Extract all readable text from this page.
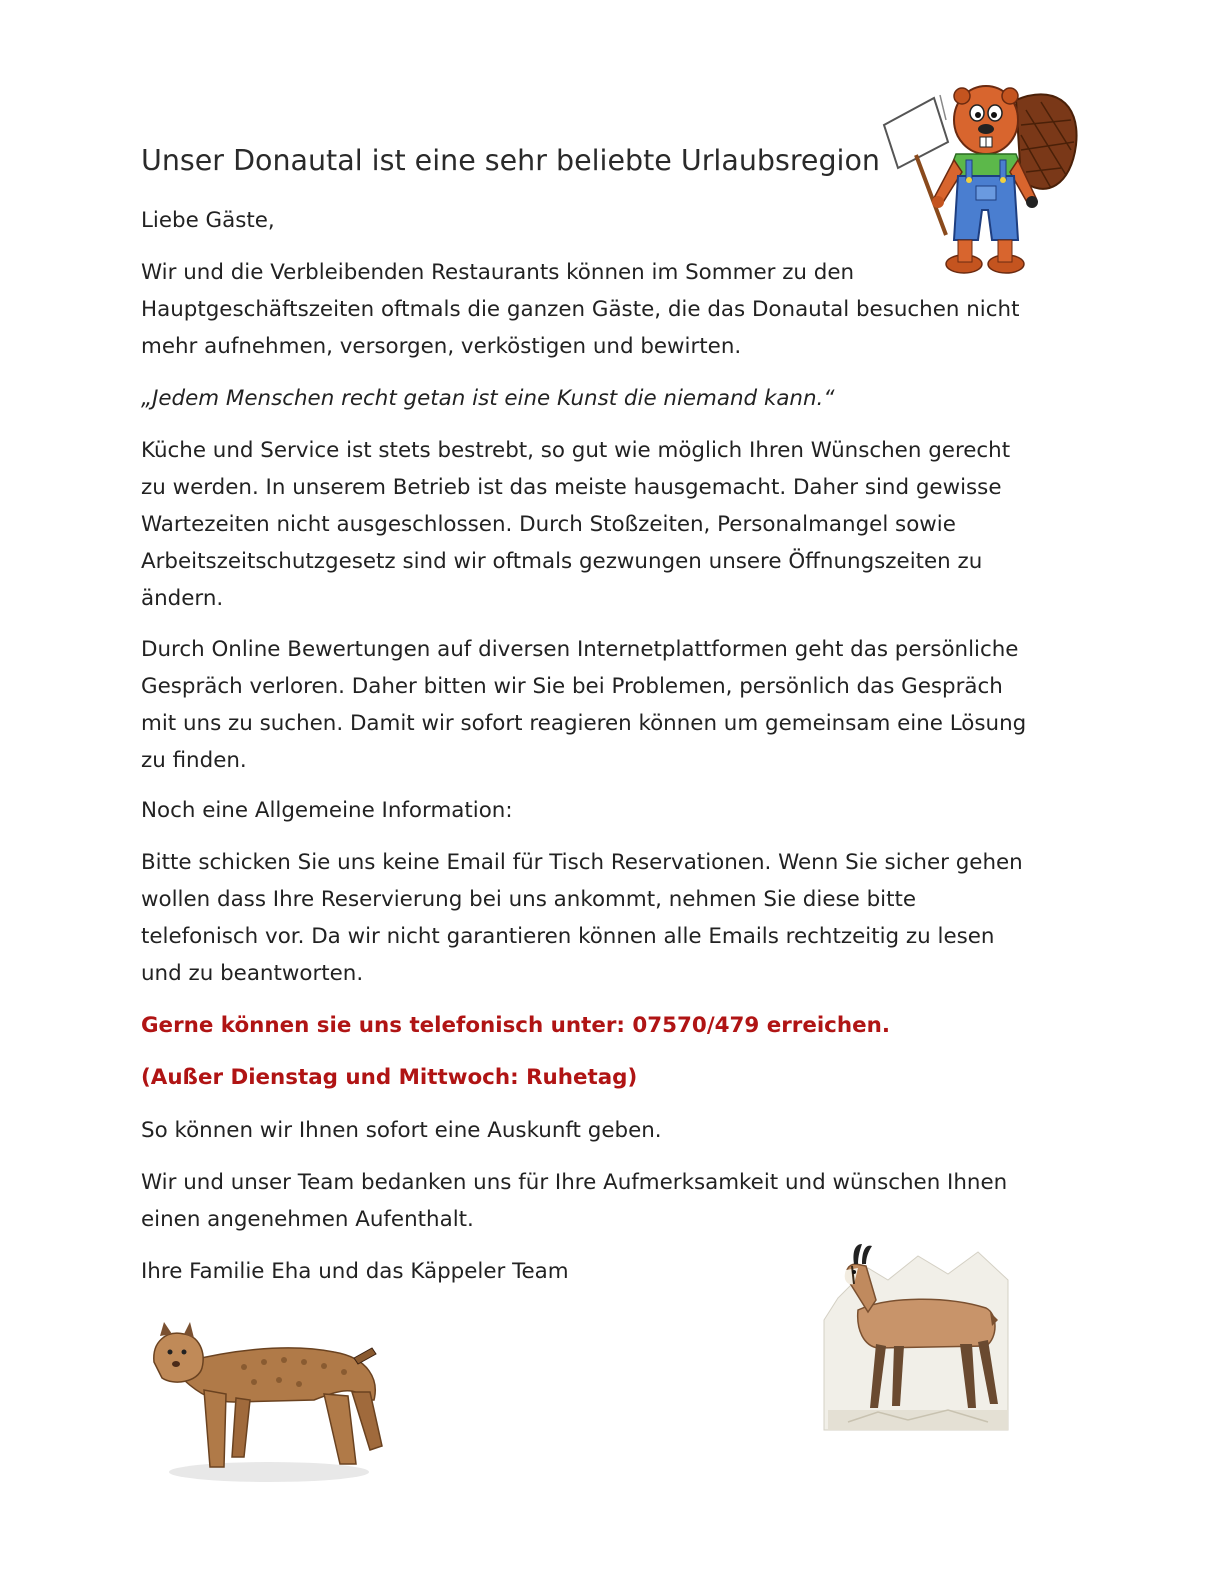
Unser Donautal ist eine sehr beliebte Urlaubsregion

Liebe Gäste,

Wir und die Verbleibenden Restaurants können im Sommer zu den
Hauptgeschäftszeiten oftmals die ganzen Gäste, die das Donautal besuchen nicht
mehr aufnehmen, versorgen, verköstigen und bewirten.

„Jedem Menschen recht getan ist eine Kunst die niemand kann.“

Küche und Service ist stets bestrebt, so gut wie möglich Ihren Wünschen gerecht
zu werden. In unserem Betrieb ist das meiste hausgemacht. Daher sind gewisse
Wartezeiten nicht ausgeschlossen. Durch Stoßzeiten, Personalmangel sowie
Arbeitszeitschutzgesetz sind wir oftmals gezwungen unsere Öffnungszeiten zu
ändern.
Durch Online Bewertungen auf diversen Internetplattformen geht das persönliche
Gespräch verloren. Daher bitten wir Sie bei Problemen, persönlich das Gespräch
mit uns zu suchen. Damit wir sofort reagieren können um gemeinsam eine Lösung
zu finden.

Noch eine Allgemeine Information:

Bitte schicken Sie uns keine Email für Tisch Reservationen. Wenn Sie sicher gehen
wollen dass Ihre Reservierung bei uns ankommt, nehmen Sie diese bitte
telefonisch vor. Da wir nicht garantieren können alle Emails rechtzeitig zu lesen
und zu beantworten.

Gerne können sie uns telefonisch unter: 07570/479 erreichen.

(Außer Dienstag und Mittwoch: Ruhetag)

So können wir Ihnen sofort eine Auskunft geben.

Wir und unser Team bedanken uns für Ihre Aufmerksamkeit und wünschen Ihnen
einen angenehmen Aufenthalt.

Ihre Familie Eha und das Käppeler Team
